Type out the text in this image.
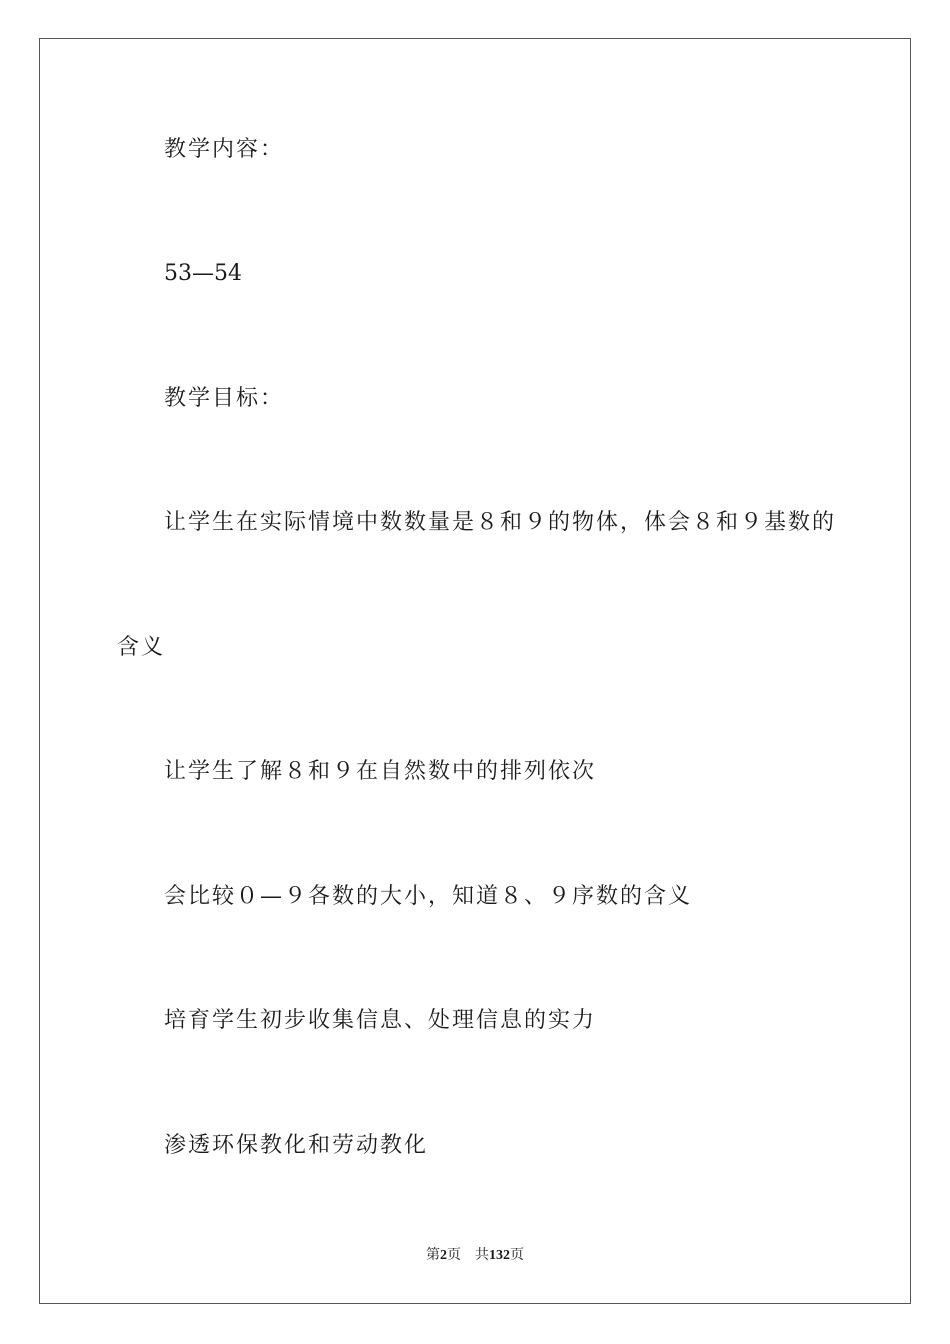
教学内容：
53—54
教学目标：
让学生在实际情境中数数量是８和９的物体，体会８和９基数的
含义
让学生了解８和９在自然数中的排列依次
会比较０—９各数的大小，知道８、９序数的含义
培育学生初步收集信息、处理信息的实力
渗透环保教化和劳动教化
第2页 共132页
